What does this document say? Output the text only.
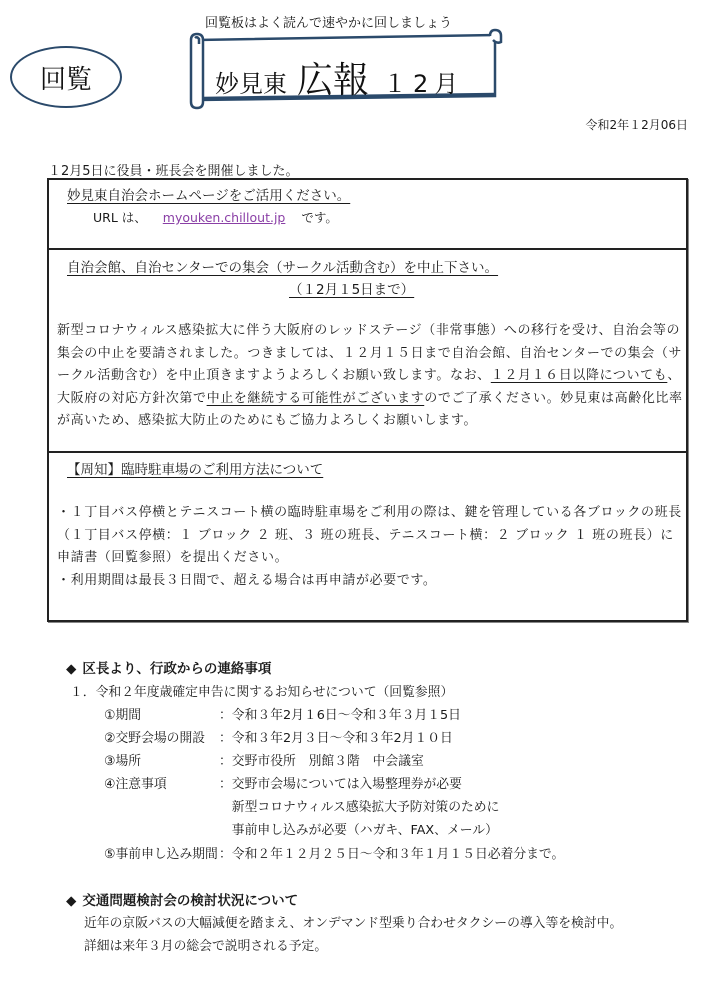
回覧
回覧板はよく読んで速やかに回しましょう
妙見東 広報 １2月
令和2年１2月06日
１2月5日に役員・班長会を開催しました。
妙見東自治会ホームページをご活用ください。
URL は、 myouken.chillout.jp です。
自治会館、自治センターでの集会（サークル活動含む）を中止下さい。
（１2月１5日まで）

新型コロナウィルス感染拡大に伴う大阪府のレッドステージ（非常事態）への移行を受け、自治会等の集会の中止を要請されました。つきましては、１２月１５日まで自治会館、自治センターでの集会（サークル活動含む）を中止頂きますようよろしくお願い致します。なお、１２月１６日以降についても、大阪府の対応方針次第で中止を継続する可能性がございますのでご了承ください。妙見東は高齢化比率が高いため、感染拡大防止のためにもご協力よろしくお願いします。

【周知】臨時駐車場のご利用方法について

・１丁目バス停横とテニスコート横の臨時駐車場をご利用の際は、鍵を管理している各ブロックの班長（１丁目バス停横：１ ブロック ２ 班、３ 班の班長、テニスコート横：２ ブロック １ 班の班長）に申請書（回覧参照）を提出ください。

・利用期間は最長３日間で、超える場合は再申請が必要です。

◆ 区長より、行政からの連絡事項
１．令和２年度歳確定申告に関するお知らせについて（回覧参照）
①期間	：令和３年2月１6日～令和３年３月１5日
②交野会場の開設 ：令和３年2月３日～令和３年2月１０日
③場所	：交野市役所　別館３階　中会議室
④注意事項	：交野市会場については入場整理券が必要
　新型コロナウィルス感染拡大予防対策のために
　事前申し込みが必要（ハガキ、FAX、メール）
⑤事前申し込み期間：令和２年１２月２５日～令和３年１月１５日必着分まで。
◆ 交通問題検討会の検討状況について
近年の京阪バスの大幅減便を踏まえ、オンデマンド型乗り合わせタクシーの導入等を検討中。
詳細は来年３月の総会で説明される予定。
